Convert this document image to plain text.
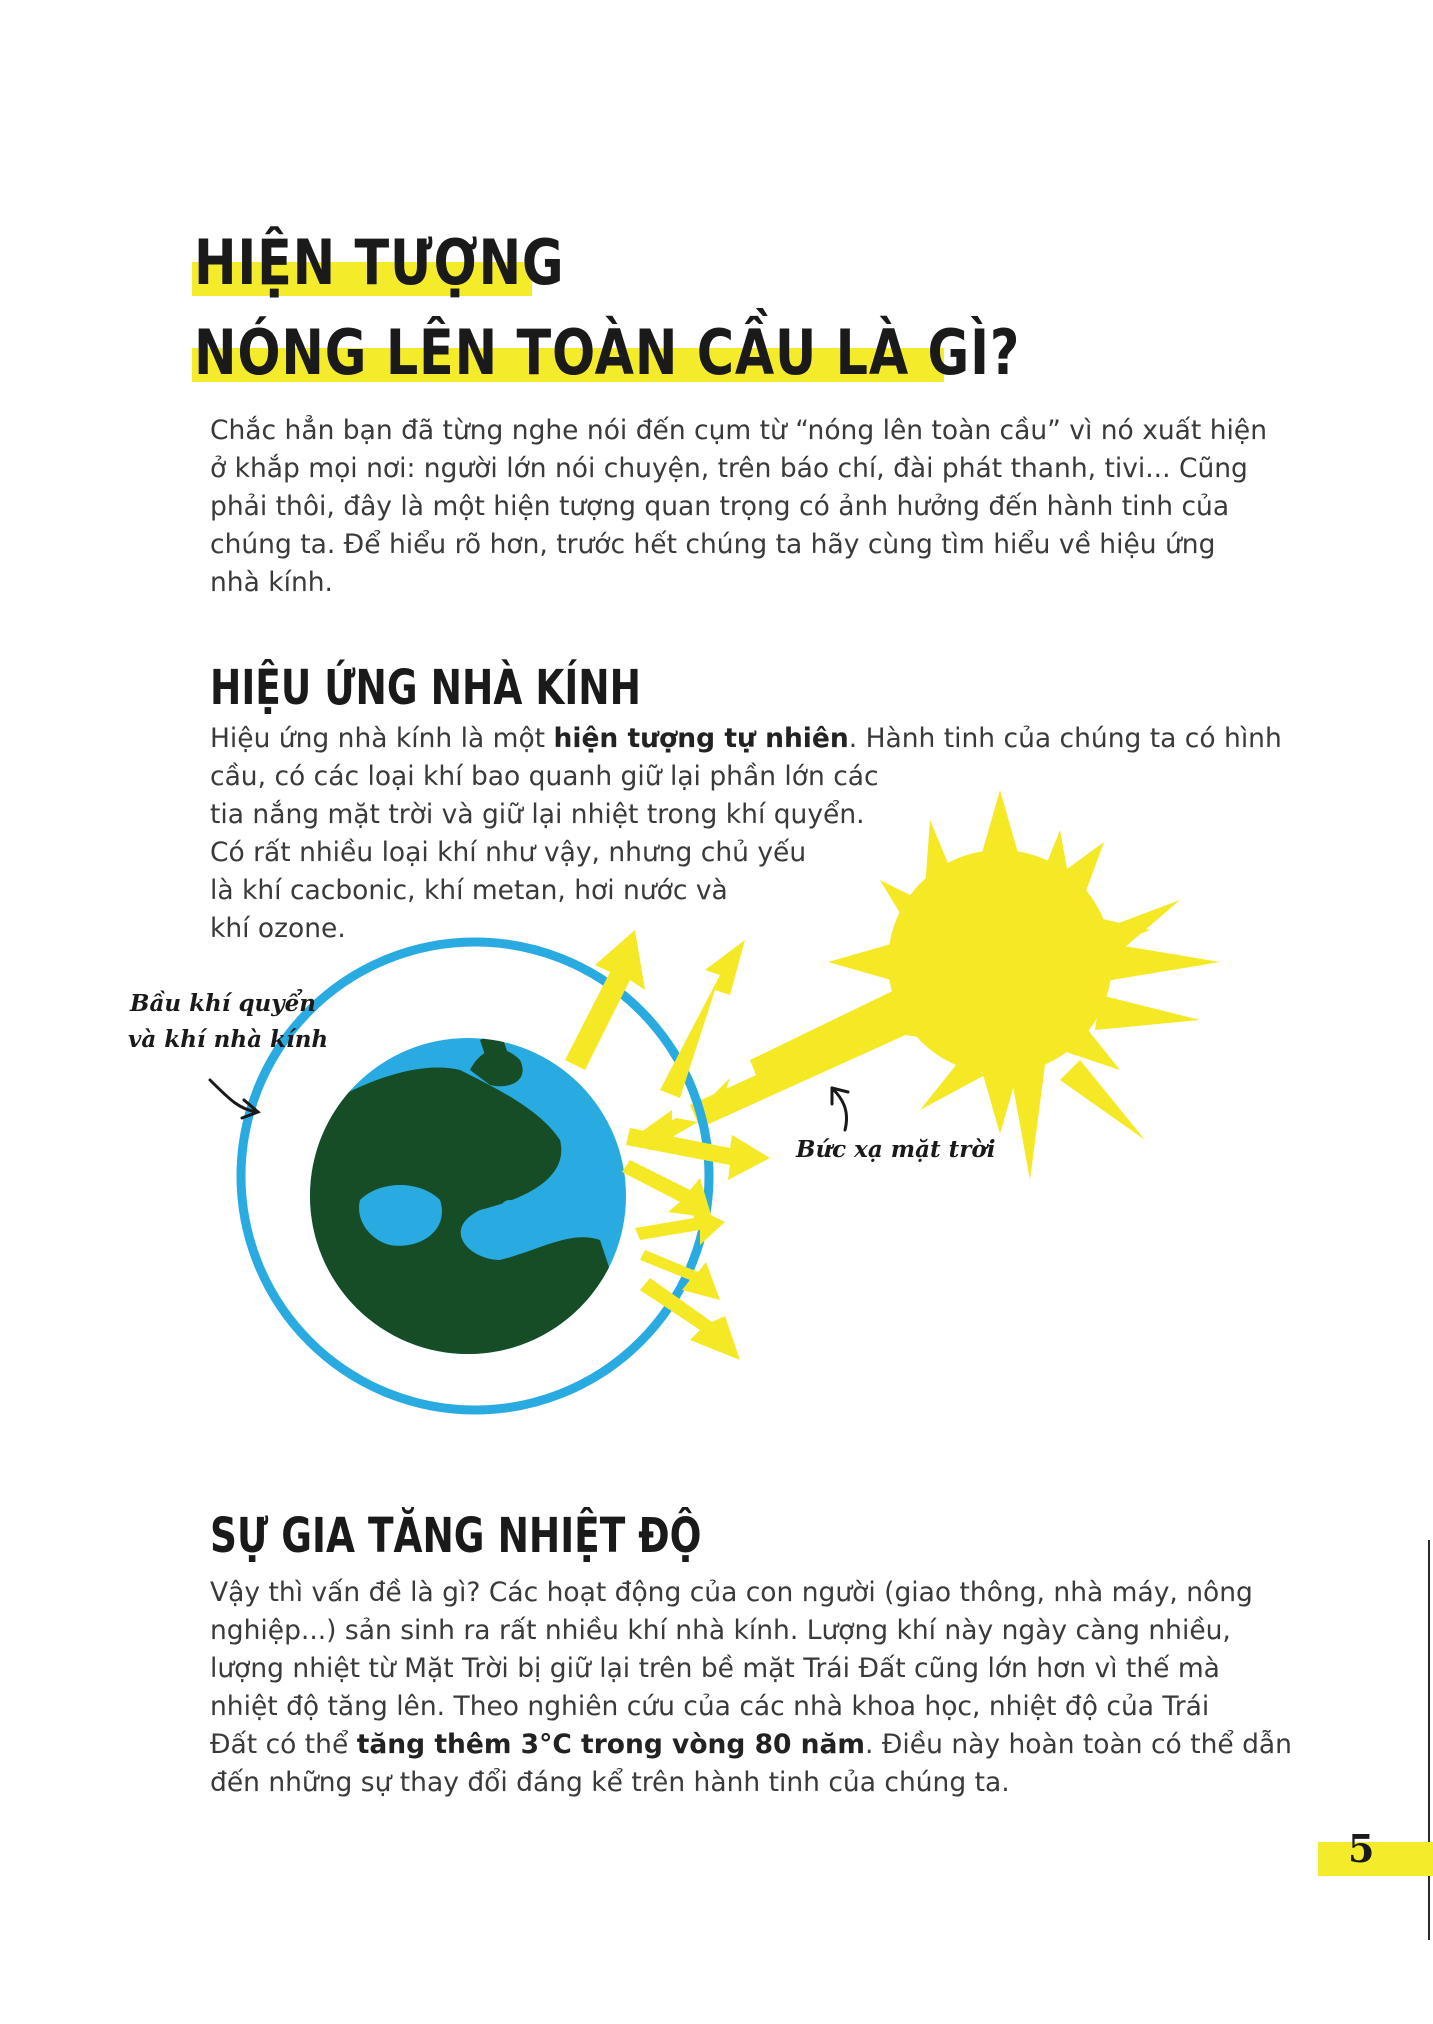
HIỆN TƯỢNG
NÓNG LÊN TOÀN CẦU LÀ GÌ?
Chắc hẳn bạn đã từng nghe nói đến cụm từ “nóng lên toàn cầu” vì nó xuất hiện
ở khắp mọi nơi: người lớn nói chuyện, trên báo chí, đài phát thanh, tivi... Cũng
phải thôi, đây là một hiện tượng quan trọng có ảnh hưởng đến hành tinh của
chúng ta. Để hiểu rõ hơn, trước hết chúng ta hãy cùng tìm hiểu về hiệu ứng
nhà kính.
HIỆU ỨNG NHÀ KÍNH
Hiệu ứng nhà kính là một hiện tượng tự nhiên. Hành tinh của chúng ta có hình
cầu, có các loại khí bao quanh giữ lại phần lớn các
tia nắng mặt trời và giữ lại nhiệt trong khí quyển.
Có rất nhiều loại khí như vậy, nhưng chủ yếu
là khí cacbonic, khí metan, hơi nước và
khí ozone.
Bầu khí quyển
và khí nhà kính
Bức xạ mặt trời
SỰ GIA TĂNG NHIỆT ĐỘ
Vậy thì vấn đề là gì? Các hoạt động của con người (giao thông, nhà máy, nông
nghiệp...) sản sinh ra rất nhiều khí nhà kính. Lượng khí này ngày càng nhiều,
lượng nhiệt từ Mặt Trời bị giữ lại trên bề mặt Trái Đất cũng lớn hơn vì thế mà
nhiệt độ tăng lên. Theo nghiên cứu của các nhà khoa học, nhiệt độ của Trái
Đất có thể tăng thêm 3°C trong vòng 80 năm. Điều này hoàn toàn có thể dẫn
đến những sự thay đổi đáng kể trên hành tinh của chúng ta.
5
